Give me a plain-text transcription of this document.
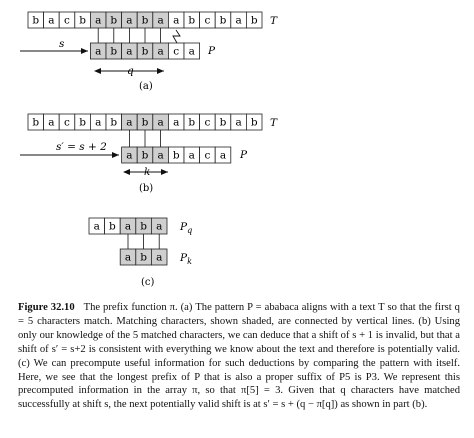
b a c b a b a b a a b c b a b T
s
a b a b a c a P
q
(a)
b a c b a b a b a a b c b a b T
s′ = s + 2
a b a b a c a P
k
(b)
a b a b a $P_q$
a b a $P_k$
(c)
Figure 32.10 The prefix function π. (a) The pattern P = ababaca aligns with a text T so that the first q = 5 characters match. Matching characters, shown shaded, are connected by vertical lines. (b) Using only our knowledge of the 5 matched characters, we can deduce that a shift of s + 1 is invalid, but that a shift of s′ = s+2 is consistent with everything we know about the text and therefore is potentially valid. (c) We can precompute useful information for such deductions by comparing the pattern with itself. Here, we see that the longest prefix of P that is also a proper suffix of P5 is P3. We represent this precomputed information in the array π, so that π[5] = 3. Given that q characters have matched successfully at shift s, the next potentially valid shift is at s′ = s + (q − π[q]) as shown in part (b).
